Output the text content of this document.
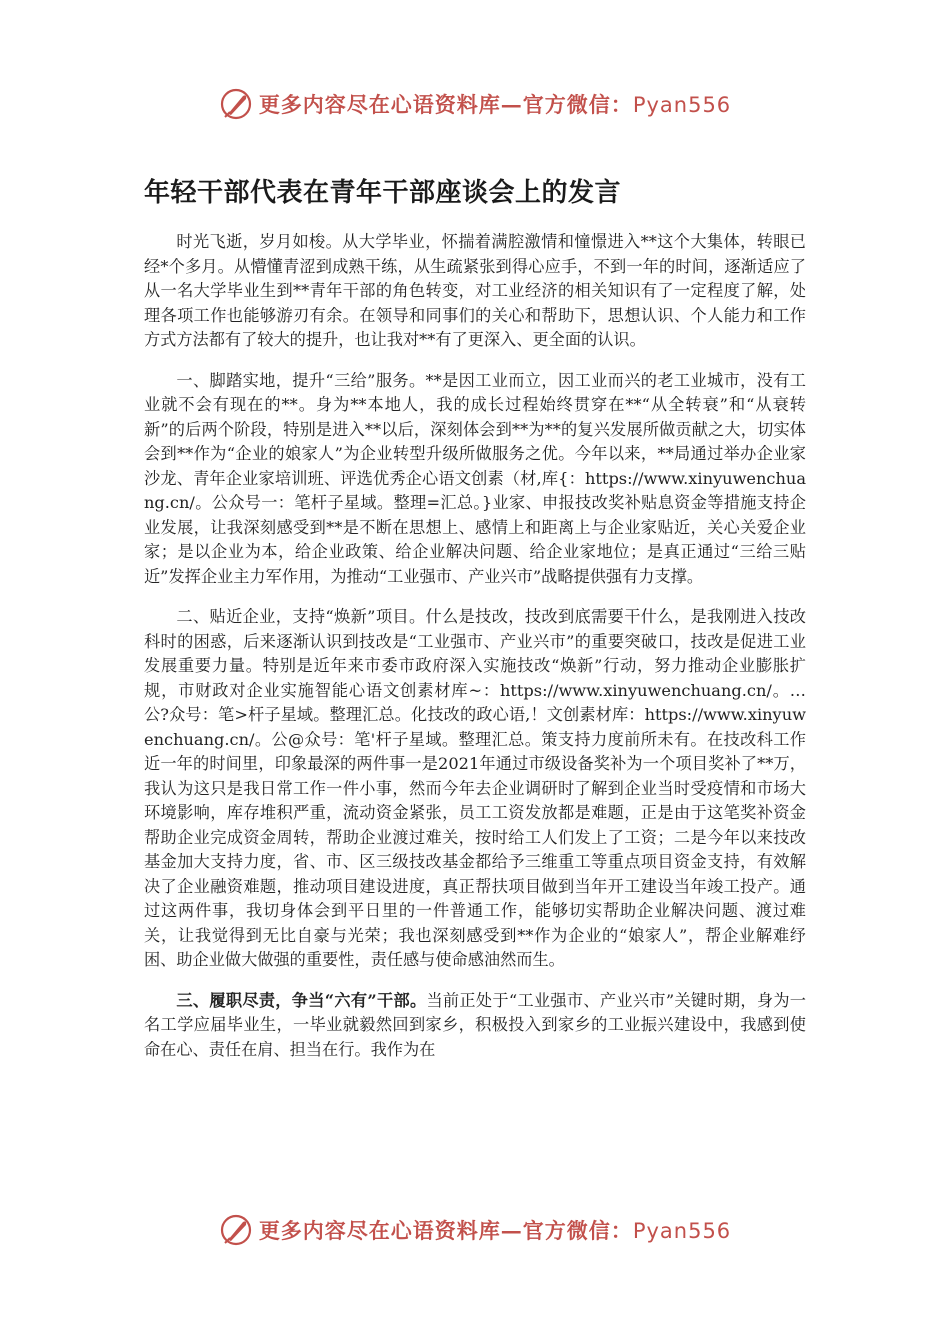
更多内容尽在心语资料库—官方微信：Pyan556
年轻干部代表在青年干部座谈会上的发言

时光飞逝，岁月如梭。从大学毕业，怀揣着满腔激情和憧憬进入**这个大集体，转眼已经*个多月。从懵懂青涩到成熟干练，从生疏紧张到得心应手，不到一年的时间，逐渐适应了从一名大学毕业生到**青年干部的角色转变，对工业经济的相关知识有了一定程度了解，处理各项工作也能够游刃有余。在领导和同事们的关心和帮助下，思想认识、个人能力和工作方式方法都有了较大的提升，也让我对**有了更深入、更全面的认识。

一、脚踏实地，提升“三给”服务。**是因工业而立，因工业而兴的老工业城市，没有工业就不会有现在的**。身为**本地人，我的成长过程始终贯穿在**“从全转衰”和“从衰转新”的后两个阶段，特别是进入**以后，深刻体会到**为**的复兴发展所做贡献之大，切实体会到**作为“企业的娘家人”为企业转型升级所做服务之优。今年以来，**局通过举办企业家沙龙、青年企业家培训班、评选优秀企心语文创素（材,库{：https://www.xinyuwenchuang.cn/。公众号一：笔杆子星域。整理=汇总。}业家、申报技改奖补贴息资金等措施支持企业发展，让我深刻感受到**是不断在思想上、感情上和距离上与企业家贴近，关心关爱企业家；是以企业为本，给企业政策、给企业解决问题、给企业家地位；是真正通过“三给三贴近”发挥企业主力军作用，为推动“工业强市、产业兴市”战略提供强有力支撑。

二、贴近企业，支持“焕新”项目。什么是技改，技改到底需要干什么，是我刚进入技改科时的困惑，后来逐渐认识到技改是“工业强市、产业兴市”的重要突破口，技改是促进工业发展重要力量。特别是近年来市委市政府深入实施技改“焕新”行动，努力推动企业膨胀扩规，市财政对企业实施智能心语文创素材库~：https://www.xinyuwenchuang.cn/。…公?众号：笔>杆子星域。整理汇总。化技改的政心语,！文创素材库：https://www.xinyuwenchuang.cn/。公@众号：笔'杆子星域。整理汇总。策支持力度前所未有。在技改科工作近一年的时间里，印象最深的两件事一是2021年通过市级设备奖补为一个项目奖补了**万，我认为这只是我日常工作一件小事，然而今年去企业调研时了解到企业当时受疫情和市场大环境影响，库存堆积严重，流动资金紧张，员工工资发放都是难题，正是由于这笔奖补资金帮助企业完成资金周转，帮助企业渡过难关，按时给工人们发上了工资；二是今年以来技改基金加大支持力度，省、市、区三级技改基金都给予三维重工等重点项目资金支持，有效解决了企业融资难题，推动项目建设进度，真正帮扶项目做到当年开工建设当年竣工投产。通过这两件事，我切身体会到平日里的一件普通工作，能够切实帮助企业解决问题、渡过难关，让我觉得到无比自豪与光荣；我也深刻感受到**作为企业的“娘家人”，帮企业解难纾困、助企业做大做强的重要性，责任感与使命感油然而生。

三、履职尽责，争当“六有”干部。当前正处于“工业强市、产业兴市”关键时期，身为一名工学应届毕业生，一毕业就毅然回到家乡，积极投入到家乡的工业振兴建设中，我感到使命在心、责任在肩、担当在行。我作为在

更多内容尽在心语资料库—官方微信：Pyan556
